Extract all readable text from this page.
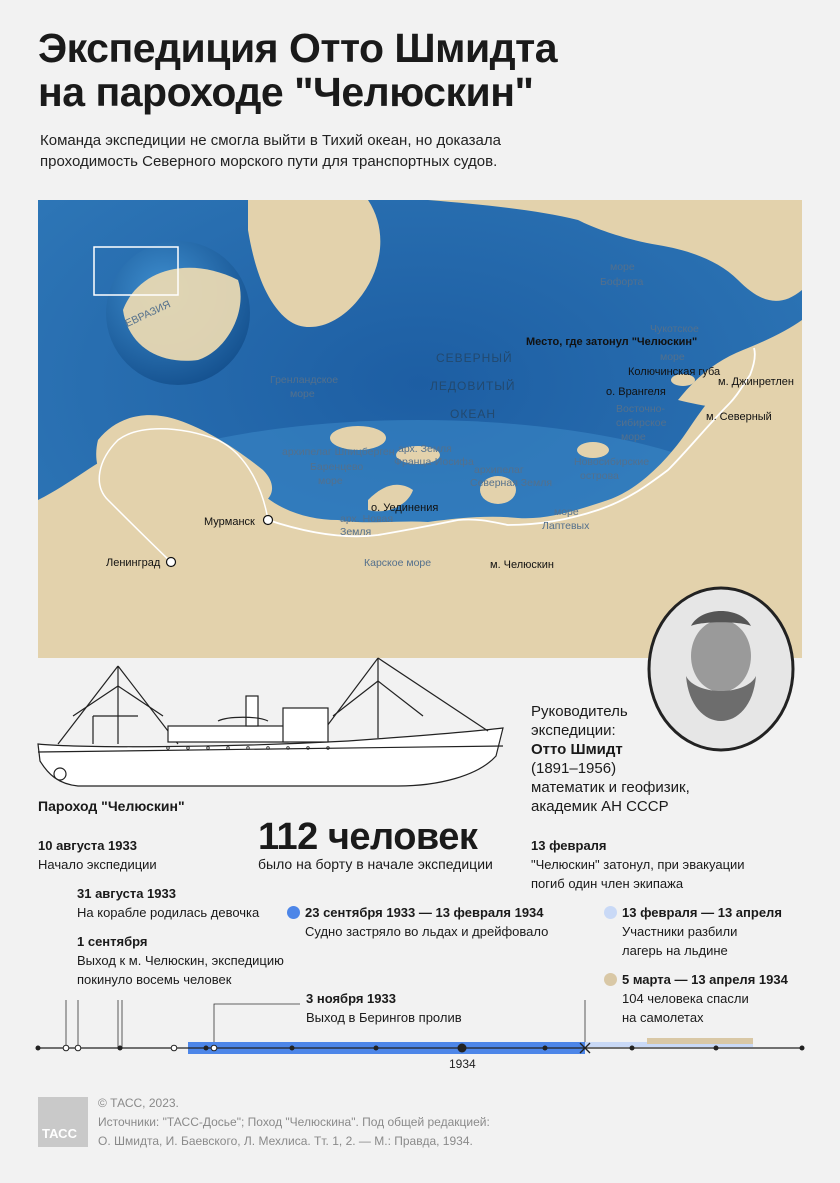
Экспедиция Отто Шмидта
на пароходе "Челюскин"
Команда экспедиции не смогла выйти в Тихий океан, но доказала проходимость Северного морского пути для транспортных судов.
ЕВРАЗИЯ
СЕВЕРНЫЙ
ЛЕДОВИТЫЙ
ОКЕАН
море
Бофорта
Чукотское
море
Место, где затонул "Челюскин"
Колючинская губа
о. Врангеля
м. Джинретлен
м. Северный
Восточно-
сибирское
море
Гренландское
море
архипелаг Шпицберген
Баренцево
море
арх. Земля
Франца-Иосифа
архипелаг
Северная Земля
Новосибирские
острова
море
Лаптевых
о. Уединения
арх. Новая
Земля
Карское море	м. Челюскин
Мурманск
Ленинград
Руководитель
экспедиции:
Отто Шмидт
(1891–1956)
математик и геофизик,
академик АН СССР
Пароход "Челюскин"
112 человек
было на борту в начале экспедиции
10 августа 1933
Начало экспедиции
31 августа 1933
На корабле родилась девочка
1 сентября
Выход к м. Челюскин, экспедицию
покинуло восемь человек
23 сентября 1933 — 13 февраля 1934
Судно застряло во льдах и дрейфовало
3 ноября 1933
Выход в Берингов пролив
13 февраля
"Челюскин" затонул, при эвакуации
погиб один член экипажа
13 февраля — 13 апреля
Участники разбили
лагерь на льдине
5 марта — 13 апреля 1934
104 человека спасли
на самолетах
1934
ТАСС
© ТАСС, 2023.
Источники: "ТАСС-Досье"; Поход "Челюскина". Под общей редакцией:
О. Шмидта, И. Баевского, Л. Мехлиса. Тт. 1, 2. — М.: Правда, 1934.
